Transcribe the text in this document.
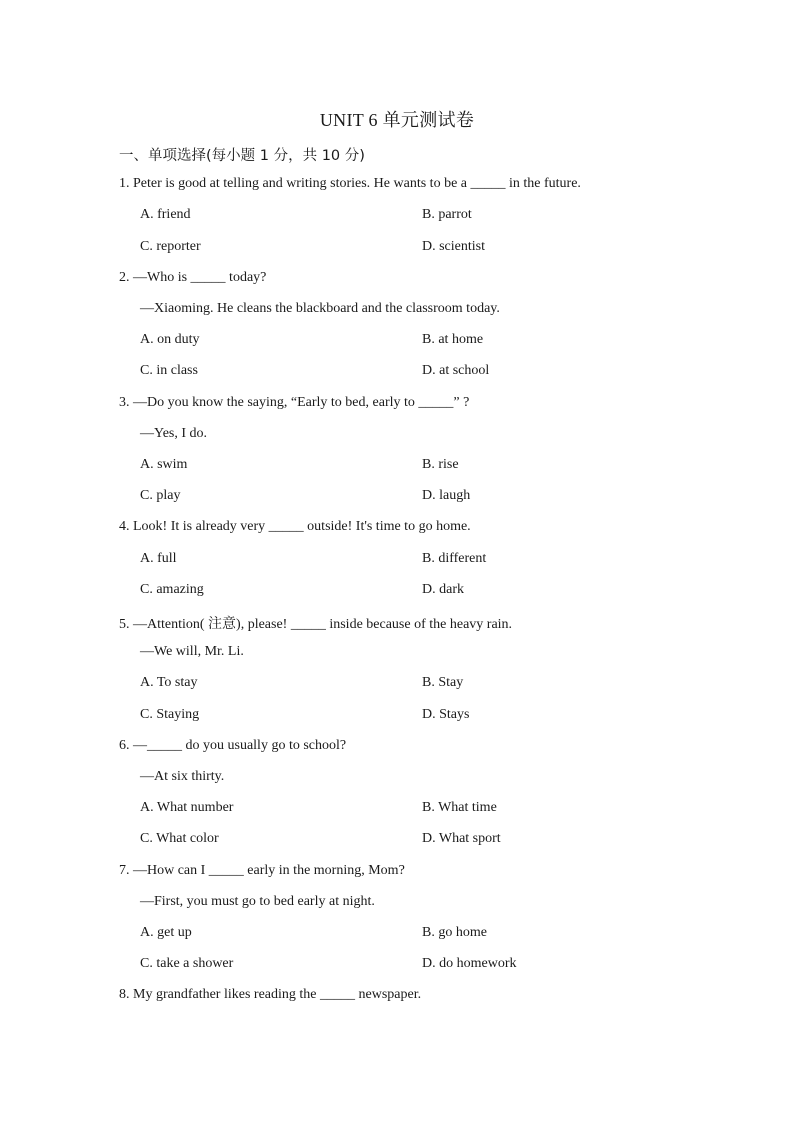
UNIT 6 单元测试卷
一、单项选择(每小题 1 分，共 10 分)
1. Peter is good at telling and writing stories. He wants to be a _____ in the future.
A. friend	B. parrot
C. reporter	D. scientist
2. —Who is _____ today?
—Xiaoming. He cleans the blackboard and the classroom today.
A. on duty	B. at home
C. in class	D. at school
3. —Do you know the saying, “Early to bed, early to _____” ?
—Yes, I do.
A. swim	B. rise
C. play	D. laugh
4. Look! It is already very _____ outside! It's time to go home.
A. full	B. different
C. amazing	D. dark
5. —Attention( 注意), please! _____ inside because of the heavy rain.
—We will, Mr. Li.
A. To stay	B. Stay
C. Staying	D. Stays
6. —_____ do you usually go to school?
—At six thirty.
A. What number	B. What time
C. What color	D. What sport
7. —How can I _____ early in the morning, Mom?
—First, you must go to bed early at night.
A. get up	B. go home
C. take a shower	D. do homework
8. My grandfather likes reading the _____ newspaper.
